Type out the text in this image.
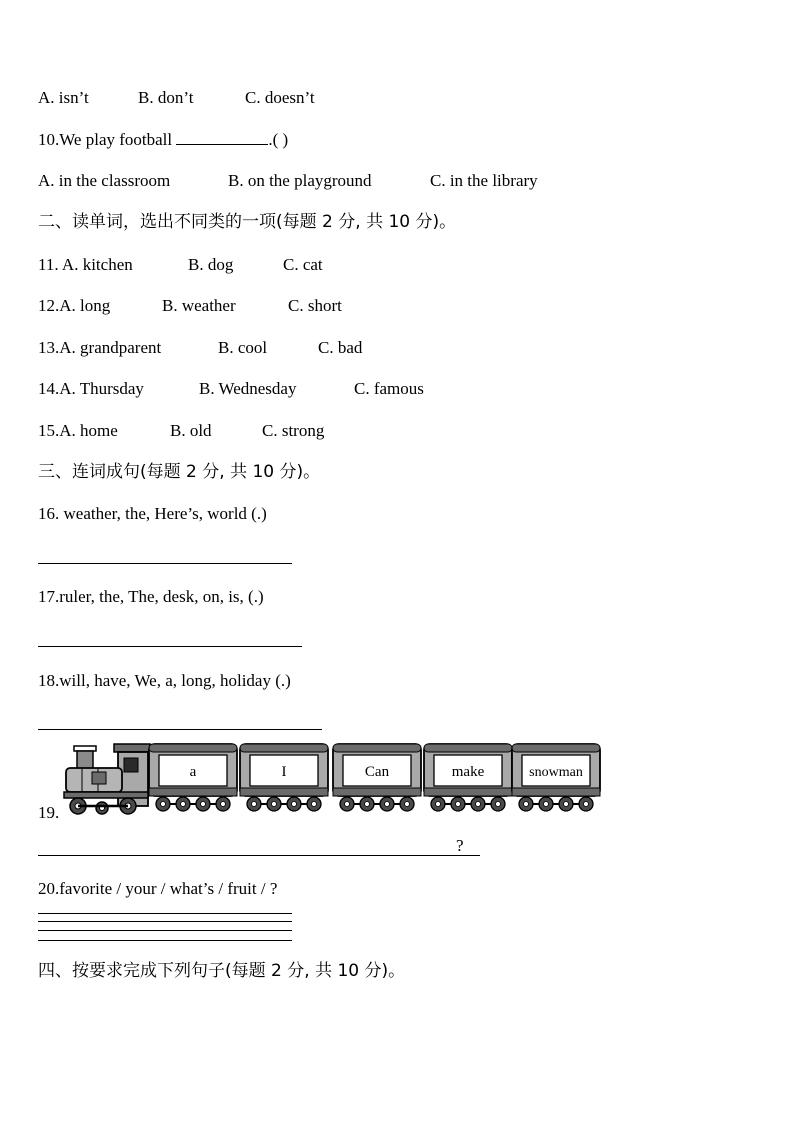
A. isn’t	B. don’t	C. doesn’t
10.We play football	.( )
A. in the classroom	B. on the playground	C. in the library
二、读单词，选出不同类的一项(每题 2 分, 共 10 分)。
11. A. kitchen	B. dog	C. cat
12.A. long	B. weather	C. short
13.A. grandparent	B. cool	C. bad
14.A. Thursday	B. Wednesday	C. famous
15.A. home	B. old	C. strong
三、连词成句(每题 2 分, 共 10 分)。
16. weather, the, Here’s, world (.)
17.ruler, the, The, desk, on, is, (.)
18.will, have, We, a, long, holiday (.)
19.
a	I	Can	make	snowman
?
20.favorite / your / what’s / fruit / ?
四、按要求完成下列句子(每题 2 分, 共 10 分)。
